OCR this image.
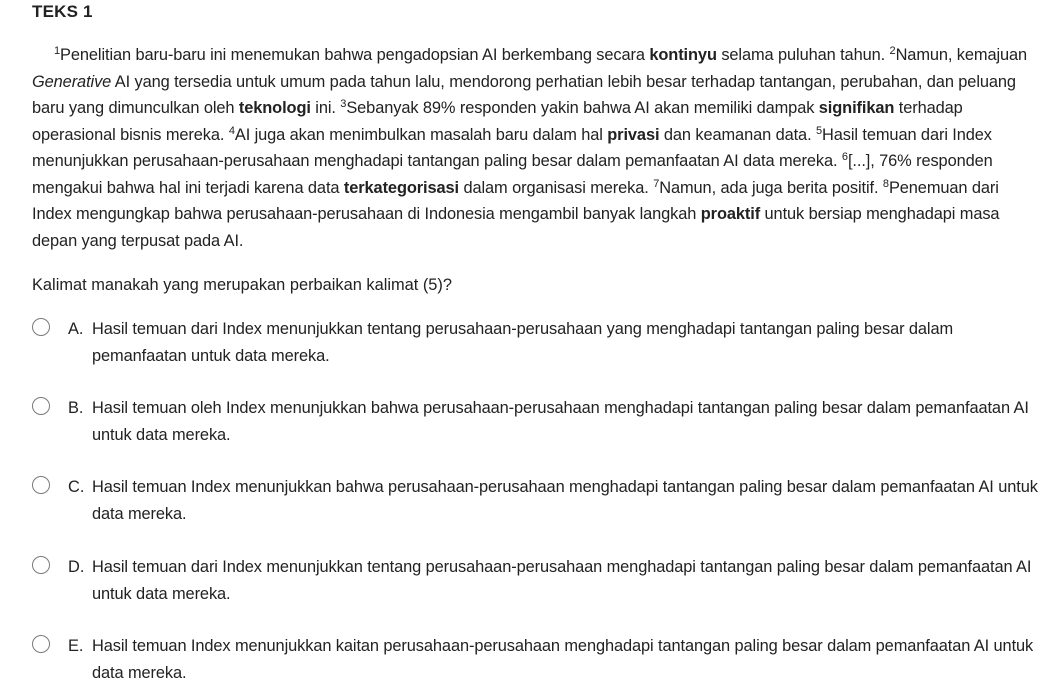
TEKS 1
$^1$Penelitian baru-baru ini menemukan bahwa pengadopsian AI berkembang secara kontinyu selama puluhan tahun. $^2$Namun, kemajuan Generative AI yang tersedia untuk umum pada tahun lalu, mendorong perhatian lebih besar terhadap tantangan, perubahan, dan peluang baru yang dimunculkan oleh teknologi ini. $^3$Sebanyak 89% responden yakin bahwa AI akan memiliki dampak signifikan terhadap operasional bisnis mereka. $^4$AI juga akan menimbulkan masalah baru dalam hal privasi dan keamanan data. $^5$Hasil temuan dari Index menunjukkan perusahaan-perusahaan menghadapi tantangan paling besar dalam pemanfaatan AI data mereka. $^6$[...], 76% responden mengakui bahwa hal ini terjadi karena data terkategorisasi dalam organisasi mereka. $^7$Namun, ada juga berita positif. $^8$Penemuan dari Index mengungkap bahwa perusahaan-perusahaan di Indonesia mengambil banyak langkah proaktif untuk bersiap menghadapi masa depan yang terpusat pada AI.
Kalimat manakah yang merupakan perbaikan kalimat (5)?
A. Hasil temuan dari Index menunjukkan tentang perusahaan-perusahaan yang menghadapi tantangan paling besar dalam pemanfaatan untuk data mereka.
B. Hasil temuan oleh Index menunjukkan bahwa perusahaan-perusahaan menghadapi tantangan paling besar dalam pemanfaatan AI untuk data mereka.
C. Hasil temuan Index menunjukkan bahwa perusahaan-perusahaan menghadapi tantangan paling besar dalam pemanfaatan AI untuk data mereka.
D. Hasil temuan dari Index menunjukkan tentang perusahaan-perusahaan menghadapi tantangan paling besar dalam pemanfaatan AI untuk data mereka.
E. Hasil temuan Index menunjukkan kaitan perusahaan-perusahaan menghadapi tantangan paling besar dalam pemanfaatan AI untuk data mereka.
